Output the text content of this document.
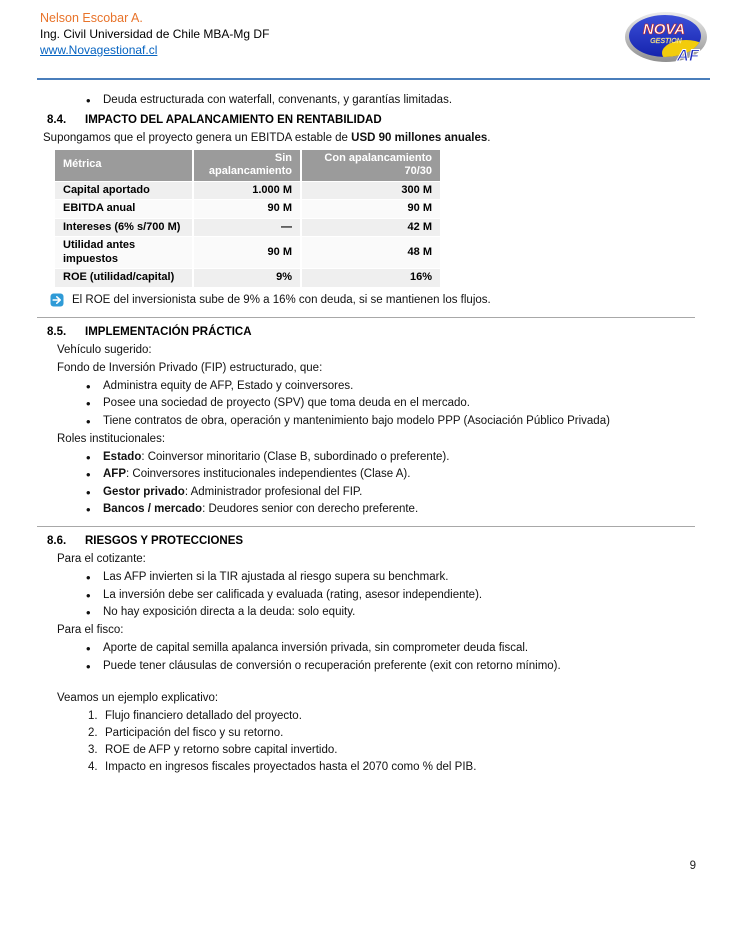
Nelson Escobar A.
Ing. Civil Universidad de Chile MBA-Mg DF
www.Novagestionaf.cl
NOVA
GESTION
AF
• Deuda estructurada con waterfall, convenants, y garantías limitadas.
8.4. IMPACTO DEL APALANCAMIENTO EN RENTABILIDAD
Supongamos que el proyecto genera un EBITDA estable de USD 90 millones anuales.
Métrica	Sin apalancamiento	Con apalancamiento 70/30
Capital aportado	1.000 M	300 M
EBITDA anual	90 M	90 M
Intereses (6% s/700 M)	—	42 M
Utilidad antes impuestos	90 M	48 M
ROE (utilidad/capital)	9%	16%
El ROE del inversionista sube de 9% a 16% con deuda, si se mantienen los flujos.
8.5. IMPLEMENTACIÓN PRÁCTICA
Vehículo sugerido:
Fondo de Inversión Privado (FIP) estructurado, que:
• Administra equity de AFP, Estado y coinversores.
• Posee una sociedad de proyecto (SPV) que toma deuda en el mercado.
• Tiene contratos de obra, operación y mantenimiento bajo modelo PPP (Asociación Público Privada)
Roles institucionales:
• Estado: Coinversor minoritario (Clase B, subordinado o preferente).
• AFP: Coinversores institucionales independientes (Clase A).
• Gestor privado: Administrador profesional del FIP.
• Bancos / mercado: Deudores senior con derecho preferente.
8.6. RIESGOS Y PROTECCIONES
Para el cotizante:
• Las AFP invierten si la TIR ajustada al riesgo supera su benchmark.
• La inversión debe ser calificada y evaluada (rating, asesor independiente).
• No hay exposición directa a la deuda: solo equity.
Para el fisco:
• Aporte de capital semilla apalanca inversión privada, sin comprometer deuda fiscal.
• Puede tener cláusulas de conversión o recuperación preferente (exit con retorno mínimo).
Veamos un ejemplo explicativo:
1. Flujo financiero detallado del proyecto.
2. Participación del fisco y su retorno.
3. ROE de AFP y retorno sobre capital invertido.
4. Impacto en ingresos fiscales proyectados hasta el 2070 como % del PIB.
9
